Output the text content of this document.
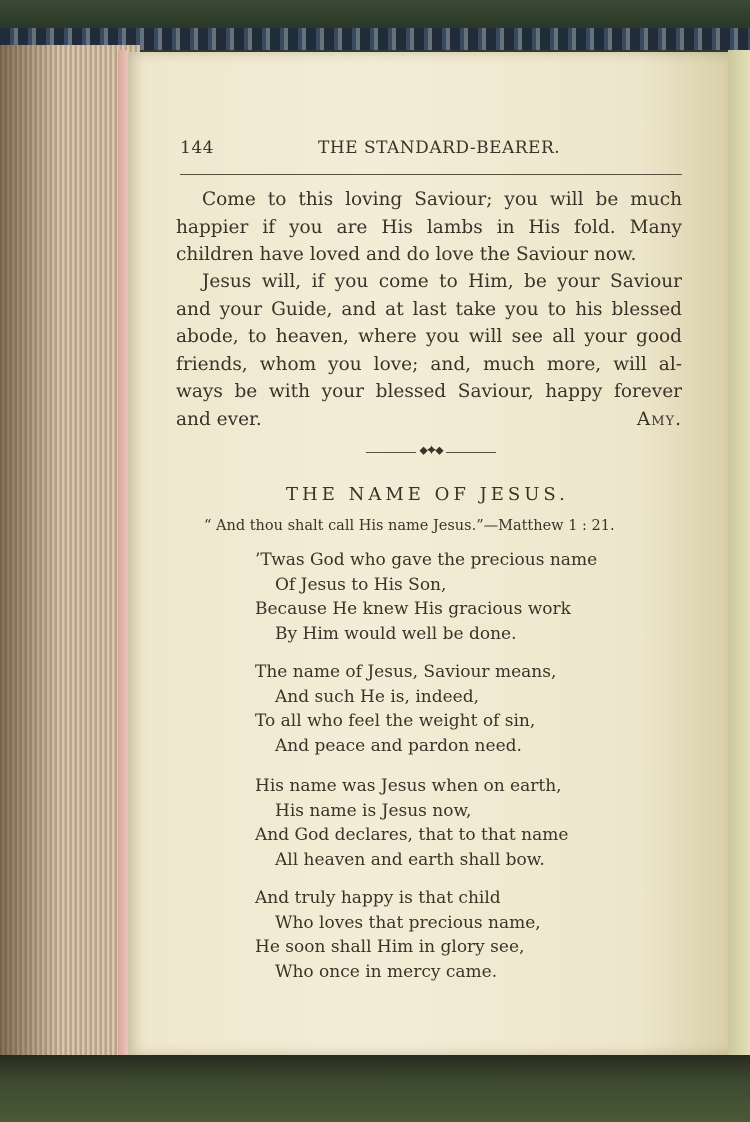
144	THE STANDARD-BEARER.
Come to this loving Saviour; you will be much
happier if you are His lambs in His fold. Many
children have loved and do love the Saviour now.
Jesus will, if you come to Him, be your Saviour
and your Guide, and at last take you to his blessed
abode, to heaven, where you will see all your good
friends, whom you love; and, much more, will al-
ways be with your blessed Saviour, happy forever
and ever.	Amy.
⬥✦⬥
THE NAME OF JESUS.
“ And thou shalt call His name Jesus.”—Matthew 1 : 21.
’Twas God who gave the precious name
Of Jesus to His Son,
Because He knew His gracious work
By Him would well be done.
The name of Jesus, Saviour means,
And such He is, indeed,
To all who feel the weight of sin,
And peace and pardon need.
His name was Jesus when on earth,
His name is Jesus now,
And God declares, that to that name
All heaven and earth shall bow.
And truly happy is that child
Who loves that precious name,
He soon shall Him in glory see,
Who once in mercy came.
